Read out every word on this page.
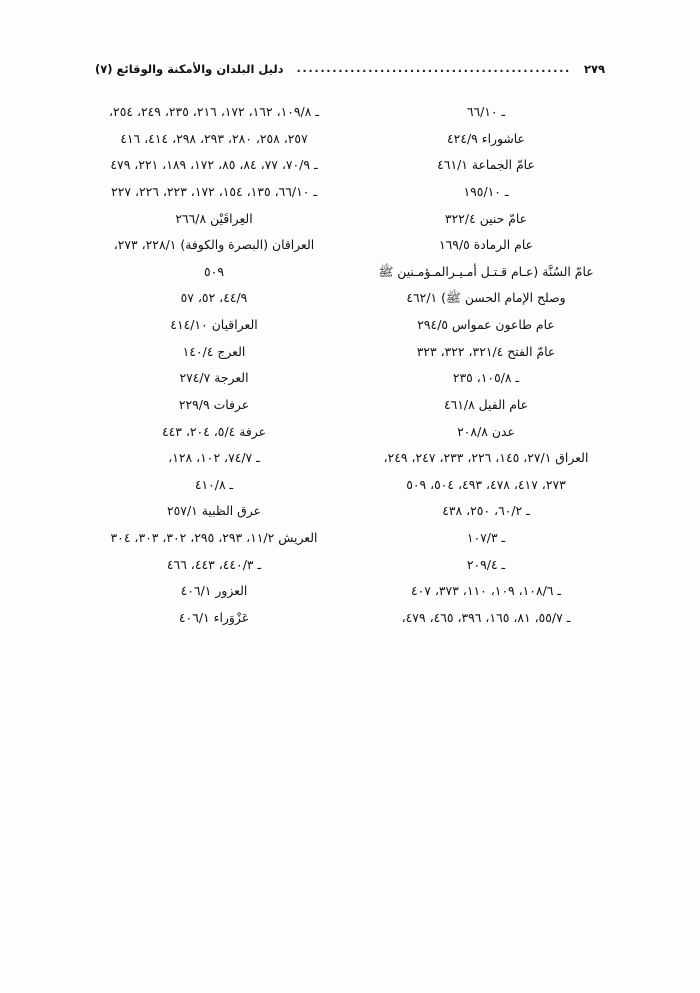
دليل البلدان والأمكنة والوقائع (٧)	..............................................	٢٧٩
ـ ٦٦/١٠
عاشوراء ٤٢٤/٩
عامّ الجماعة ٤٦١/١
ـ ١٩٥/١٠
عامّ حنين ٣٢٢/٤
عام الرمادة ١٦٩/٥
عامّ السُنَّة (عـام قـتـل أمـيـرالمـؤمـنين ﷺ
وصلح الإمام الحسن ﷺ) ٤٦٢/١
عام طاعون عمواس ٢٩٤/٥
عامّ الفتح ٣٢١/٤، ٣٢٢، ٣٢٣
ـ ١٠٥/٨، ٢٣٥
عام الفيل ٤٦١/٨
عدن ٢٠٨/٨
العراق ٢٧/١، ١٤٥، ٢٢٦، ٢٣٣، ٢٤٧، ٢٤٩،
٢٧٣، ٤١٧، ٤٧٨، ٤٩٣، ٥٠٤، ٥٠٩
ـ ٦٠/٢، ٢٥٠، ٤٣٨
ـ ١٠٧/٣
ـ ٢٠٩/٤
ـ ١٠٨/٦، ١٠٩، ١١٠، ٣٧٣، ٤٠٧
ـ ٥٥/٧، ٨١، ١٦٥، ٣٩٦، ٤٦٥، ٤٧٩،
ـ ١٠٩/٨، ١٦٢، ١٧٢، ٢١٦، ٢٣٥، ٢٤٩، ٢٥٤،
٢٥٧، ٢٥٨، ٢٨٠، ٢٩٣، ٢٩٨، ٤١٤، ٤١٦
ـ ٧٠/٩، ٧٧، ٨٤، ٨٥، ١٧٢، ١٨٩، ٢٢١، ٤٧٩
ـ ٦٦/١٠، ١٣٥، ١٥٤، ١٧٢، ٢٢٣، ٢٢٦، ٢٢٧
العِراقَيْن ٢٦٦/٨
العراقان (البصرة والكوفة) ٢٢٨/١، ٢٧٣،
٥٠٩
٤٤/٩، ٥٢، ٥٧
العراقيان ٤١٤/١٠
العرج ١٤٠/٤
العرجة ٢٧٤/٧
عرفات ٢٢٩/٩
عرفة ٥/٤، ٢٠٤، ٤٤٣
ـ ٧٤/٧، ١٠٢، ١٢٨،
ـ ٤١٠/٨
عرق الظبية ٢٥٧/١
العريش ١١/٢، ٢٩٣، ٢٩٥، ٣٠٢، ٣٠٣، ٣٠٤
ـ ٤٤٠/٣، ٤٤٣، ٤٦٦
العزور ٤٠٦/١
عَزْوَراء ٤٠٦/١
